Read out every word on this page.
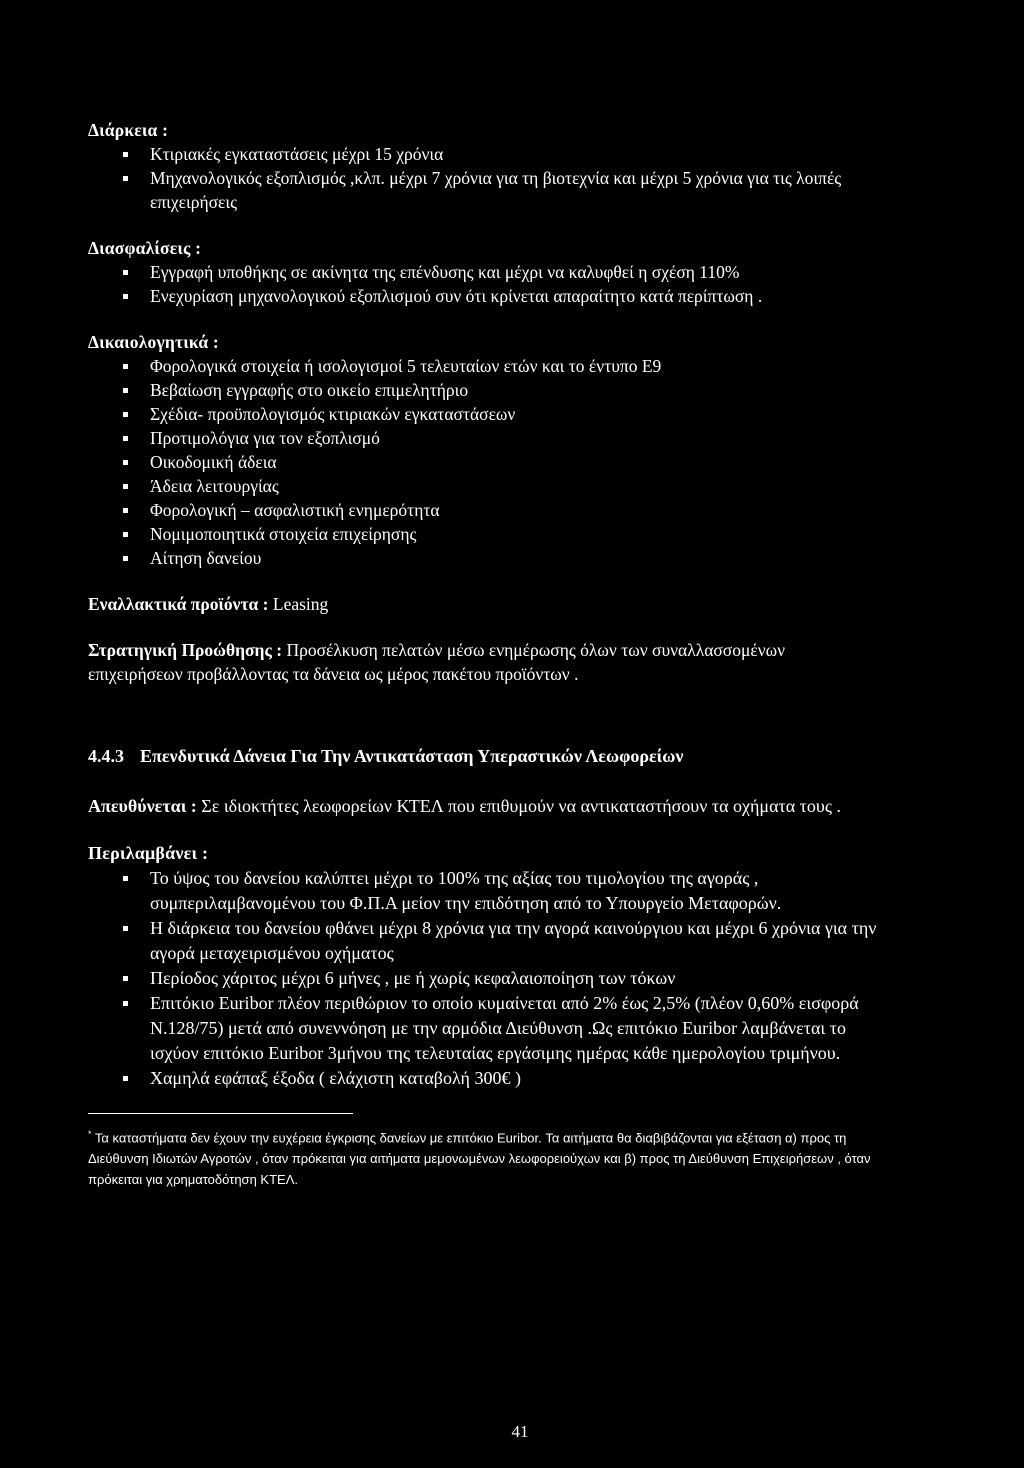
Διάρκεια :
Κτιριακές εγκαταστάσεις μέχρι 15 χρόνια
Μηχανολογικός εξοπλισμός ,κλπ. μέχρι 7 χρόνια για τη βιοτεχνία και μέχρι 5 χρόνια για τις λοιπές επιχειρήσεις
Διασφαλίσεις :
Εγγραφή υποθήκης σε ακίνητα της επένδυσης και μέχρι να καλυφθεί η σχέση 110%
Ενεχυρίαση μηχανολογικού εξοπλισμού συν ότι κρίνεται απαραίτητο κατά περίπτωση .
Δικαιολογητικά :
Φορολογικά στοιχεία ή ισολογισμοί 5 τελευταίων ετών και το έντυπο Ε9
Βεβαίωση εγγραφής στο οικείο επιμελητήριο
Σχέδια- προϋπολογισμός κτιριακών εγκαταστάσεων
Προτιμολόγια για τον εξοπλισμό
Οικοδομική άδεια
Άδεια λειτουργίας
Φορολογική – ασφαλιστική ενημερότητα
Νομιμοποιητικά στοιχεία επιχείρησης
Αίτηση δανείου
Εναλλακτικά προϊόντα : Leasing
Στρατηγική Προώθησης : Προσέλκυση πελατών μέσω ενημέρωσης όλων των συναλλασσομένων επιχειρήσεων προβάλλοντας τα δάνεια ως μέρος πακέτου προϊόντων .
4.4.3 Επενδυτικά Δάνεια Για Την Αντικατάσταση Υπεραστικών Λεωφορείων
Απευθύνεται : Σε ιδιοκτήτες λεωφορείων ΚΤΕΛ που επιθυμούν να αντικαταστήσουν τα οχήματα τους .
Περιλαμβάνει :
Το ύψος του δανείου καλύπτει μέχρι το 100% της αξίας του τιμολογίου της αγοράς , συμπεριλαμβανομένου του Φ.Π.Α μείον την επιδότηση από το Υπουργείο Μεταφορών.
Η διάρκεια του δανείου φθάνει μέχρι 8 χρόνια για την αγορά καινούργιου και μέχρι 6 χρόνια για την αγορά μεταχειρισμένου οχήματος
Περίοδος χάριτος μέχρι 6 μήνες , με ή χωρίς κεφαλαιοποίηση των τόκων
Επιτόκιο Euribor πλέον περιθώριον το οποίο κυμαίνεται από 2% έως 2,5% (πλέον 0,60% εισφορά Ν.128/75) μετά από συνεννόηση με την αρμόδια Διεύθυνση .Ως επιτόκιο Euribor λαμβάνεται το ισχύον επιτόκιο Euribor 3μήνου της τελευταίας εργάσιμης ημέρας κάθε ημερολογίου τριμήνου.
Χαμηλά εφάπαξ έξοδα ( ελάχιστη καταβολή 300€ )
* Τα καταστήματα δεν έχουν την ευχέρεια έγκρισης δανείων με επιτόκιο Euribor. Τα αιτήματα θα διαβιβάζονται για εξέταση α) προς τη Διεύθυνση Ιδιωτών Αγροτών , όταν πρόκειται για αιτήματα μεμονωμένων λεωφορειούχων και β) προς τη Διεύθυνση Επιχειρήσεων , όταν πρόκειται για χρηματοδότηση ΚΤΕΛ.
41
